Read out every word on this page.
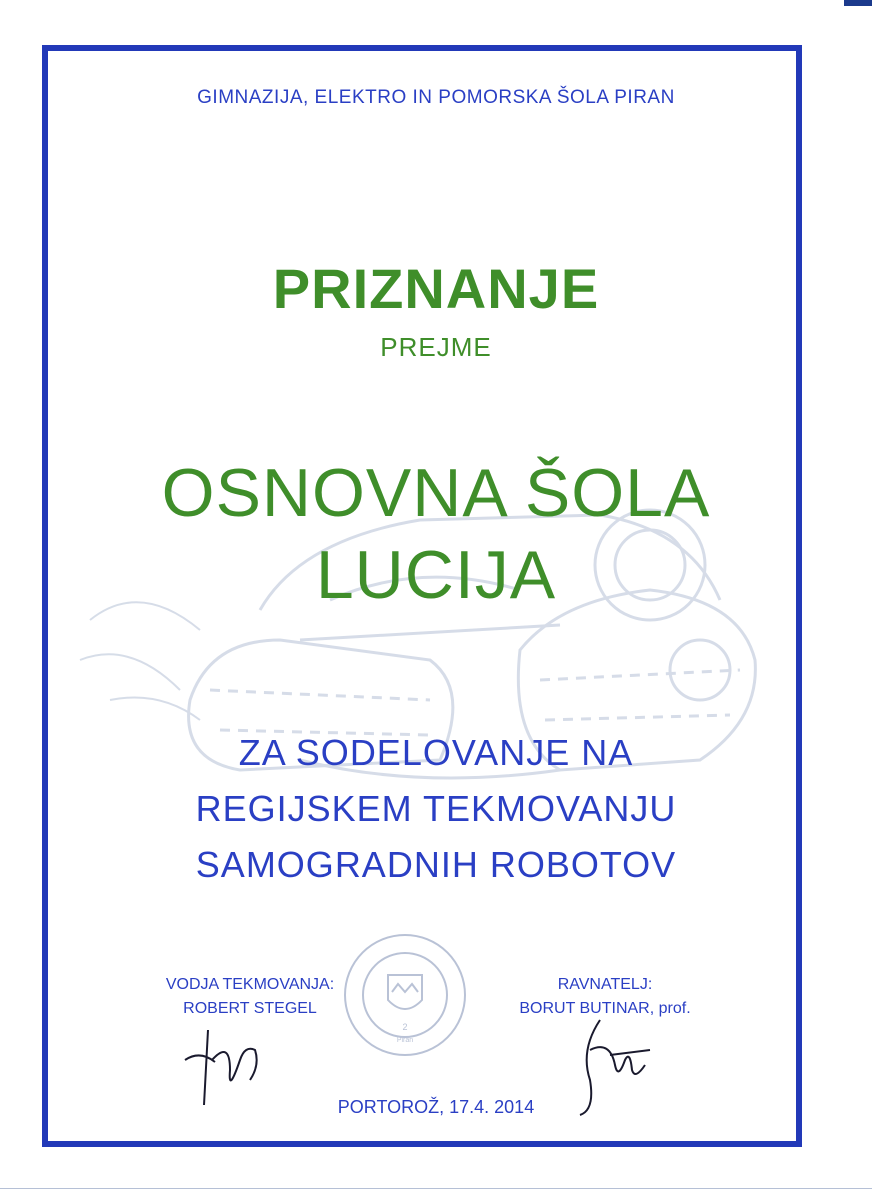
GIMNAZIJA, ELEKTRO IN POMORSKA ŠOLA PIRAN
PRIZNANJE
PREJME
OSNOVNA ŠOLA
LUCIJA
ZA SODELOVANJE NA
REGIJSKEM TEKMOVANJU
SAMOGRADNIH ROBOTOV
2
Piran
VODJA TEKMOVANJA:
ROBERT STEGEL
RAVNATELJ:
BORUT BUTINAR, prof.
PORTOROŽ, 17.4. 2014
